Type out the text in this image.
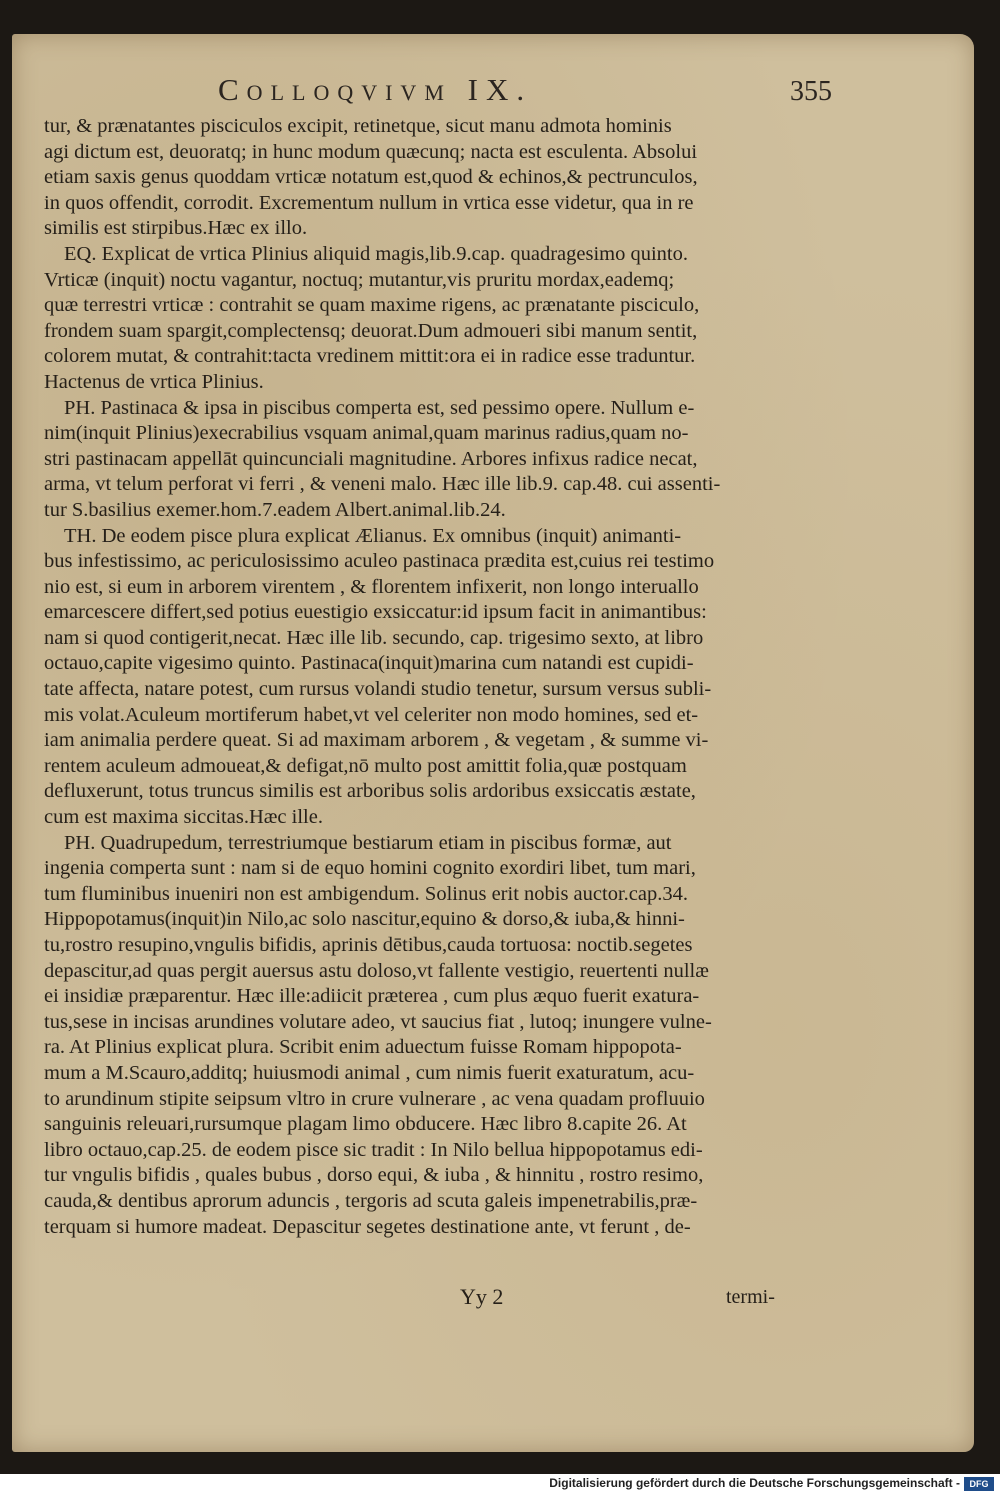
Colloqvivm IX.	355
tur, & prænatantes pisciculos excipit, retinetque, sicut manu admota hominis
agi dictum est, deuoratq; in hunc modum quæcunq; nacta est esculenta. Absolui
etiam saxis genus quoddam vrticæ notatum est,quod & echinos,& pectrunculos,
in quos offendit, corrodit. Excrementum nullum in vrtica esse videtur, qua in re
similis est stirpibus.Hæc ex illo.
EQ. Explicat de vrtica Plinius aliquid magis,lib.9.cap. quadragesimo quinto.
Vrticæ (inquit) noctu vagantur, noctuq; mutantur,vis pruritu mordax,eademq;
quæ terrestri vrticæ : contrahit se quam maxime rigens, ac prænatante pisciculo,
frondem suam spargit,complectensq; deuorat.Dum admoueri sibi manum sentit,
colorem mutat, & contrahit:tacta vredinem mittit:ora ei in radice esse traduntur.
Hactenus de vrtica Plinius.
PH. Pastinaca & ipsa in piscibus comperta est, sed pessimo opere. Nullum e-
nim(inquit Plinius)execrabilius vsquam animal,quam marinus radius,quam no-
stri pastinacam appellāt quincunciali magnitudine. Arbores infixus radice necat,
arma, vt telum perforat vi ferri , & veneni malo. Hæc ille lib.9. cap.48. cui assenti-
tur S.basilius exemer.hom.7.eadem Albert.animal.lib.24.
TH. De eodem pisce plura explicat Ælianus. Ex omnibus (inquit) animanti-
bus infestissimo, ac periculosissimo aculeo pastinaca prædita est,cuius rei testimo
nio est, si eum in arborem virentem , & florentem infixerit, non longo interuallo
emarcescere differt,sed potius euestigio exsiccatur:id ipsum facit in animantibus:
nam si quod contigerit,necat. Hæc ille lib. secundo, cap. trigesimo sexto, at libro
octauo,capite vigesimo quinto. Pastinaca(inquit)marina cum natandi est cupidi-
tate affecta, natare potest, cum rursus volandi studio tenetur, sursum versus subli-
mis volat.Aculeum mortiferum habet,vt vel celeriter non modo homines, sed et-
iam animalia perdere queat. Si ad maximam arborem , & vegetam , & summe vi-
rentem aculeum admoueat,& defigat,nō multo post amittit folia,quæ postquam
defluxerunt, totus truncus similis est arboribus solis ardoribus exsiccatis æstate,
cum est maxima siccitas.Hæc ille.
PH. Quadrupedum, terrestriumque bestiarum etiam in piscibus formæ, aut
ingenia comperta sunt : nam si de equo homini cognito exordiri libet, tum mari,
tum fluminibus inueniri non est ambigendum. Solinus erit nobis auctor.cap.34.
Hippopotamus(inquit)in Nilo,ac solo nascitur,equino & dorso,& iuba,& hinni-
tu,rostro resupino,vngulis bifidis, aprinis dētibus,cauda tortuosa: noctib.segetes
depascitur,ad quas pergit auersus astu doloso,vt fallente vestigio, reuertenti nullæ
ei insidiæ præparentur. Hæc ille:adiicit præterea , cum plus æquo fuerit exatura-
tus,sese in incisas arundines volutare adeo, vt saucius fiat , lutoq; inungere vulne-
ra. At Plinius explicat plura. Scribit enim aduectum fuisse Romam hippopota-
mum a M.Scauro,additq; huiusmodi animal , cum nimis fuerit exaturatum, acu-
to arundinum stipite seipsum vltro in crure vulnerare , ac vena quadam profluuio
sanguinis releuari,rursumque plagam limo obducere. Hæc libro 8.capite 26. At
libro octauo,cap.25. de eodem pisce sic tradit : In Nilo bellua hippopotamus edi-
tur vngulis bifidis , quales bubus , dorso equi, & iuba , & hinnitu , rostro resimo,
cauda,& dentibus aprorum aduncis , tergoris ad scuta galeis impenetrabilis,præ-
terquam si humore madeat. Depascitur segetes destinatione ante, vt ferunt , de-
Yy 2	termi-
Digitalisierung gefördert durch die Deutsche Forschungsgemeinschaft -	DFG
